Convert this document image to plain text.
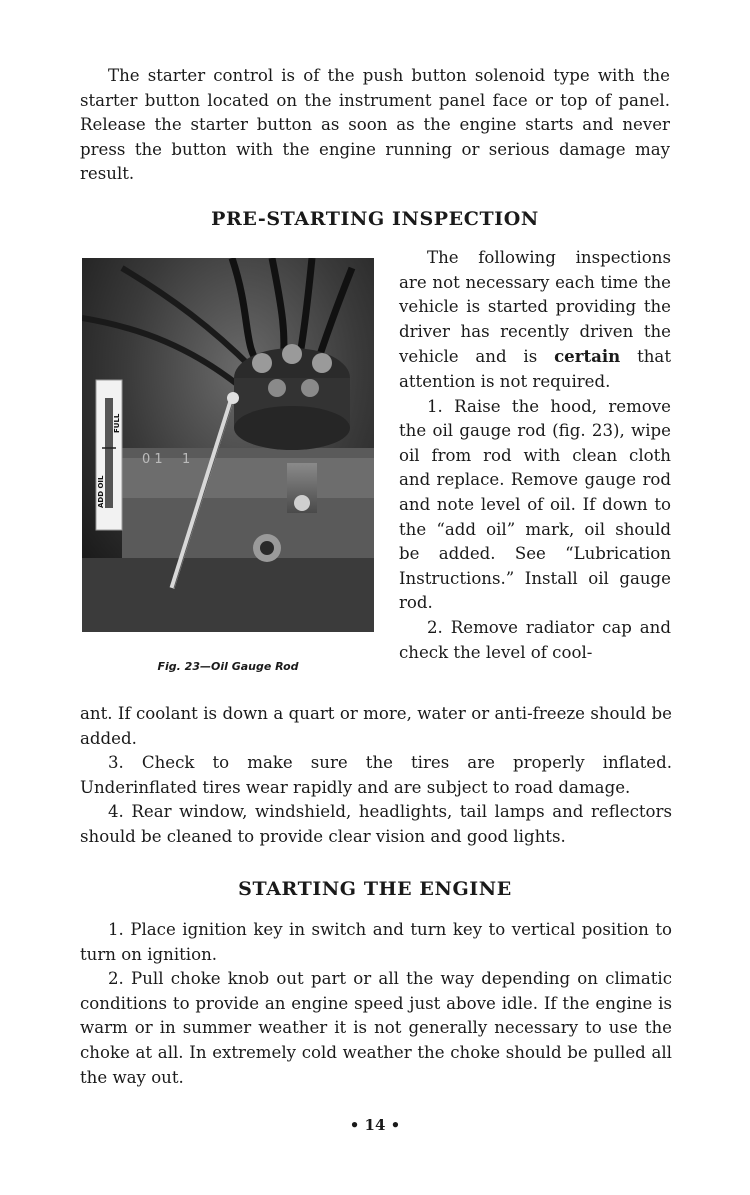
The starter control is of the push button solenoid type with the starter button located on the instrument panel face or top of panel. Release the starter button as soon as the engine starts and never press the button with the engine running or serious damage may result.

PRE-STARTING INSPECTION
0 1 1
ADD OIL
FULL
Fig. 23—Oil Gauge Rod

The following inspections are not necessary each time the vehicle is started providing the driver has recently driven the vehicle and is certain that attention is not required.

1. Raise the hood, remove the oil gauge rod (fig. 23), wipe oil from rod with clean cloth and replace. Remove gauge rod and note level of oil. If down to the “add oil” mark, oil should be added. See “Lubrication Instructions.” Install oil gauge rod.

2. Remove radiator cap and check the level of cool-

ant. If coolant is down a quart or more, water or anti-freeze should be added.

3. Check to make sure the tires are properly inflated. Underinflated tires wear rapidly and are subject to road damage.

4. Rear window, windshield, headlights, tail lamps and reflectors should be cleaned to provide clear vision and good lights.

STARTING THE ENGINE

1. Place ignition key in switch and turn key to vertical position to turn on ignition.

2. Pull choke knob out part or all the way depending on climatic conditions to provide an engine speed just above idle. If the engine is warm or in summer weather it is not generally necessary to use the choke at all. In extremely cold weather the choke should be pulled all the way out.

• 14 •
